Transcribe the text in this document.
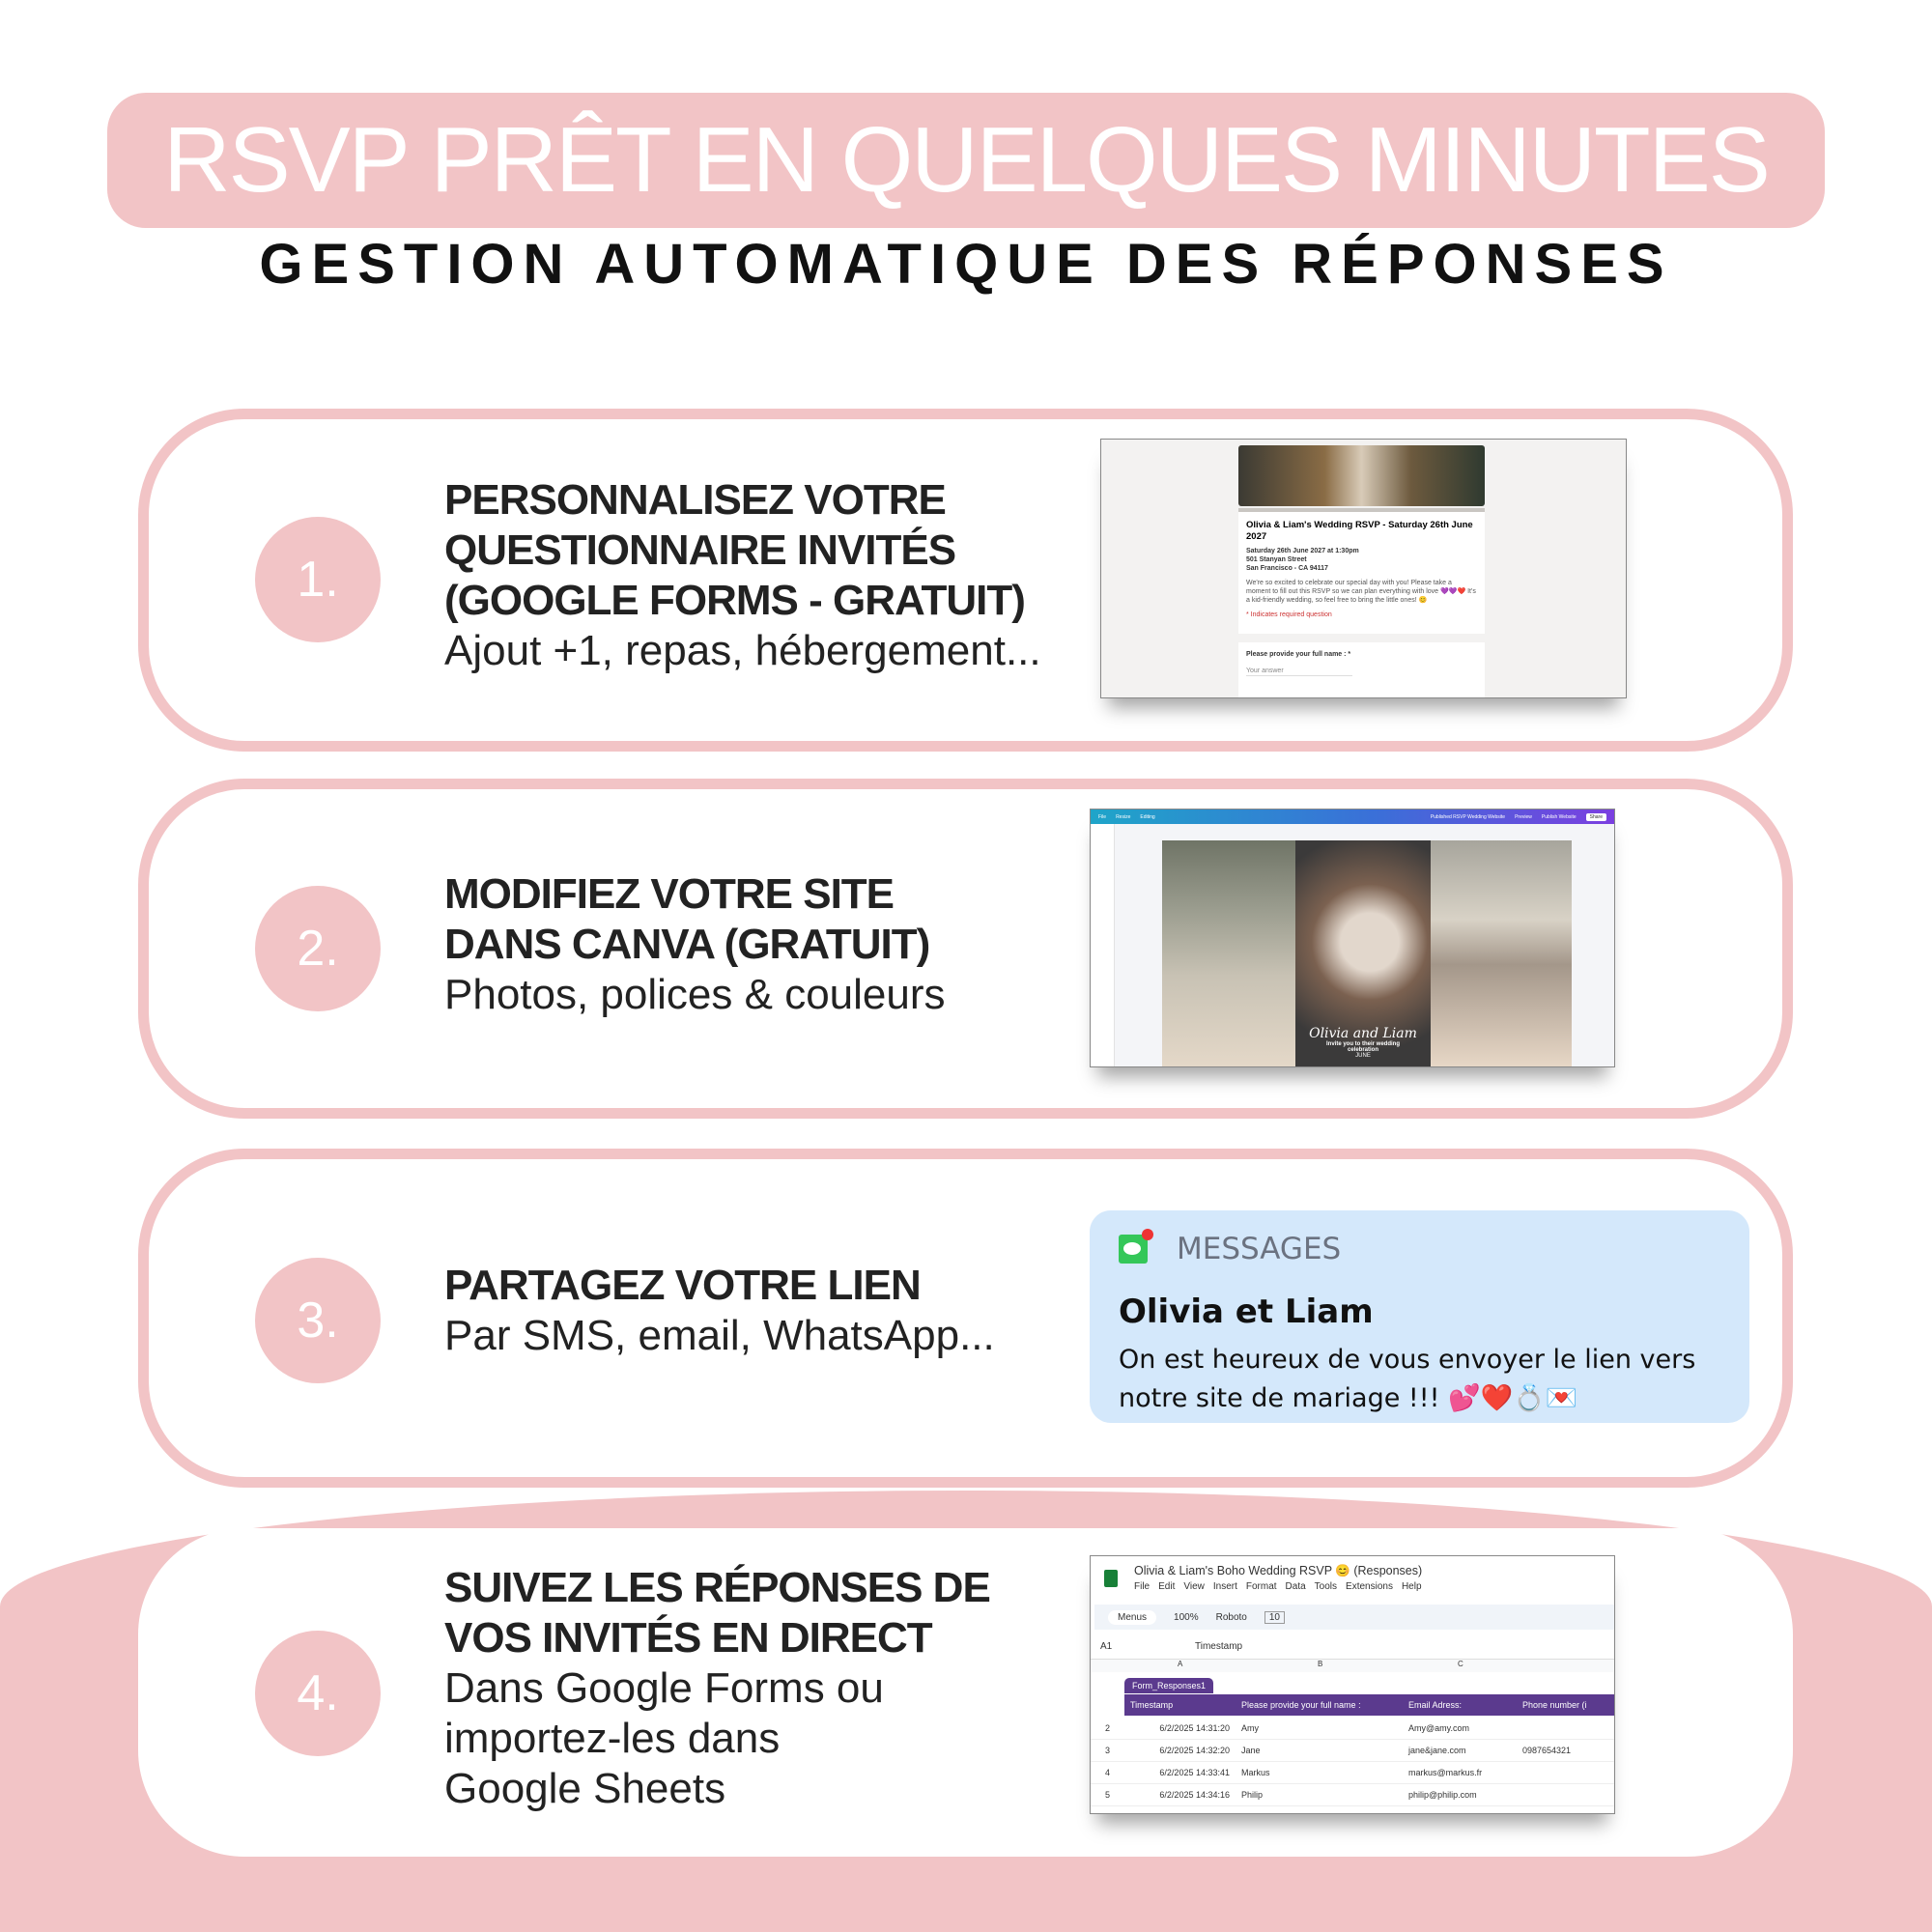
RSVP PRÊT EN QUELQUES MINUTES
GESTION AUTOMATIQUE DES RÉPONSES
1.
PERSONNALISEZ VOTRE
QUESTIONNAIRE INVITÉS
(GOOGLE FORMS - GRATUIT)
Ajout +1, repas, hébergement...
Olivia & Liam's Wedding RSVP - Saturday 26th June 2027
Saturday 26th June 2027 at 1:30pm
501 Stanyan Street
San Francisco - CA 94117
We're so excited to celebrate our special day with you! Please take a moment to fill out this RSVP so we can plan everything with love 💜💜❤️ It's a kid-friendly wedding, so feel free to bring the little ones! 😊
* Indicates required question
Please provide your full name : *
Your answer
2.
MODIFIEZ VOTRE SITE
DANS CANVA (GRATUIT)
Photos, polices & couleurs
File Resize Editing	Published RSVP Wedding Website Preview Publish Website	Share
Olivia and Liam
Invite you to their wedding celebration
JUNE
3.
PARTAGEZ VOTRE LIEN
Par SMS, email, WhatsApp...
MESSAGES
Olivia et Liam
On est heureux de vous envoyer le lien vers notre site de mariage !!! 💕❤️💍💌
4.
SUIVEZ LES RÉPONSES DE
VOS INVITÉS EN DIRECT
Dans Google Forms ou
importez-les dans
Google Sheets
Olivia & Liam's Boho Wedding RSVP 😊 (Responses)
File Edit View Insert Format Data Tools Extensions Help
Menus	100% Roboto	10
A1	Timestamp
A	B	C
Form_Responses1
Timestamp	Please provide your full name :	Email Adress:	Phone number (i
2	6/2/2025 14:31:20	Amy	Amy@amy.com
3	6/2/2025 14:32:20	Jane	jane&jane.com	0987654321
4	6/2/2025 14:33:41	Markus	markus@markus.fr
5	6/2/2025 14:34:16	Philip	philip@philip.com
